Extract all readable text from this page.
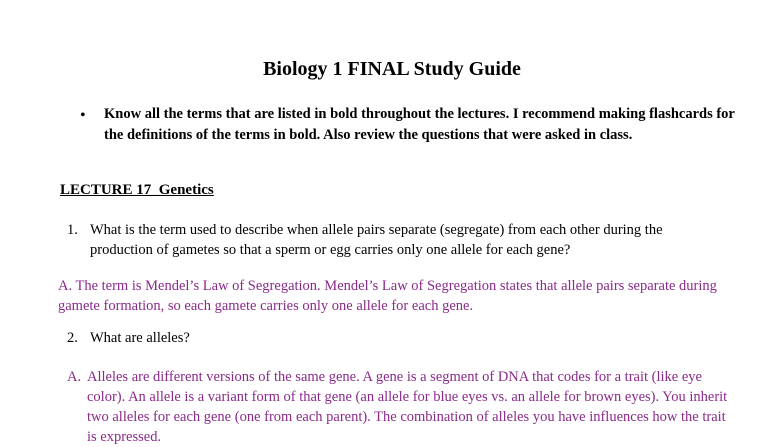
Biology 1 FINAL Study Guide
• Know all the terms that are listed in bold throughout the lectures. I recommend making flashcards for the definitions of the terms in bold. Also review the questions that were asked in class.
LECTURE 17_Genetics
1. What is the term used to describe when allele pairs separate (segregate) from each other during the production of gametes so that a sperm or egg carries only one allele for each gene?
A. The term is Mendel’s Law of Segregation. Mendel’s Law of Segregation states that allele pairs separate during gamete formation, so each gamete carries only one allele for each gene.
2. What are alleles?
A. Alleles are different versions of the same gene. A gene is a segment of DNA that codes for a trait (like eye color). An allele is a variant form of that gene (an allele for blue eyes vs. an allele for brown eyes). You inherit two alleles for each gene (one from each parent). The combination of alleles you have influences how the trait is expressed.
